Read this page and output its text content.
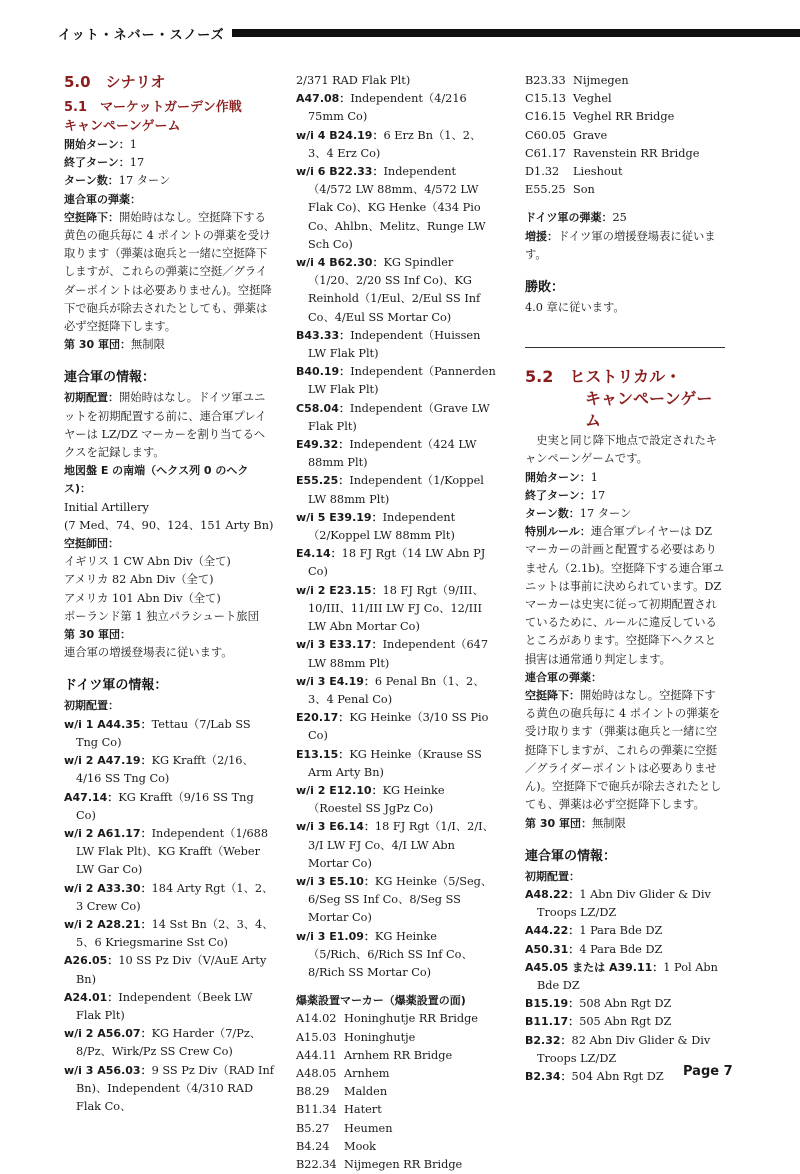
イット・ネバー・スノーズ
5.0　シナリオ
5.1　マーケットガーデン作戦
キャンペーンゲーム

開始ターン：1

終了ターン：17

ターン数：17 ターン

連合軍の弾薬：

空挺降下：開始時はなし。空挺降下する黄色の砲兵毎に 4 ポイントの弾薬を受け取ります（弾薬は砲兵と一緒に空挺降下しますが、これらの弾薬に空挺／グライダーポイントは必要ありません)。空挺降下で砲兵が除去されたとしても、弾薬は必ず空挺降下します。

第 30 軍団：無制限

連合軍の情報：

初期配置：開始時はなし。ドイツ軍ユニットを初期配置する前に、連合軍プレイヤーは LZ/DZ マーカーを割り当てるヘクスを記録します。

地図盤 E の南端（ヘクス列 0 のヘクス)：

Initial Artillery

(7 Med、74、90、124、151 Arty Bn)

空挺師団：

イギリス 1 CW Abn Div（全て)

アメリカ 82 Abn Div（全て)

アメリカ 101 Abn Div（全て)

ポーランド第 1 独立パラシュート旅団

第 30 軍団：

連合軍の増援登場表に従います。

ドイツ軍の情報：

初期配置：

w/i 1 A44.35：Tettau（7/Lab SS Tng Co)

w/i 2 A47.19：KG Krafft（2/16、4/16 SS Tng Co)

A47.14：KG Krafft（9/16 SS Tng Co)

w/i 2 A61.17：Independent（1/688 LW Flak Plt)、KG Krafft（Weber LW Gar Co)

w/i 2 A33.30：184 Arty Rgt（1、2、3 Crew Co)

w/i 2 A28.21：14 Sst Bn（2、3、4、5、6 Kriegsmarine Sst Co)

A26.05：10 SS Pz Div（V/AuE Arty Bn)

A24.01：Independent（Beek LW Flak Plt)

w/i 2 A56.07：KG Harder（7/Pz、8/Pz、Wirk/Pz SS Crew Co)

w/i 3 A56.03：9 SS Pz Div（RAD Inf Bn)、Independent（4/310 RAD Flak Co、

2/371 RAD Flak Plt)

A47.08：Independent（4/216 75mm Co)

w/i 4 B24.19：6 Erz Bn（1、2、3、4 Erz Co)

w/i 6 B22.33：Independent（4/572 LW 88mm、4/572 LW Flak Co)、KG Henke（434 Pio Co、Ahlbn、Melitz、Runge LW Sch Co)

w/i 4 B62.30：KG Spindler（1/20、2/20 SS Inf Co)、KG Reinhold（1/Eul、2/Eul SS Inf Co、4/Eul SS Mortar Co)

B43.33：Independent（Huissen LW Flak Plt)

B40.19：Independent（Pannerden LW Flak Plt)

C58.04：Independent（Grave LW Flak Plt)

E49.32：Independent（424 LW 88mm Plt)

E55.25：Independent（1/Koppel LW 88mm Plt)

w/i 5 E39.19：Independent（2/Koppel LW 88mm Plt)

E4.14：18 FJ Rgt（14 LW Abn PJ Co)

w/i 2 E23.15：18 FJ Rgt（9/III、10/III、11/III LW FJ Co、12/III LW Abn Mortar Co)

w/i 3 E33.17：Independent（647 LW 88mm Plt)

w/i 3 E4.19：6 Penal Bn（1、2、3、4 Penal Co)

E20.17：KG Heinke（3/10 SS Pio Co)

E13.15：KG Heinke（Krause SS Arm Arty Bn)

w/i 2 E12.10：KG Heinke（Roestel SS JgPz Co)

w/i 3 E6.14：18 FJ Rgt（1/I、2/I、3/I LW FJ Co、4/I LW Abn Mortar Co)

w/i 3 E5.10：KG Heinke（5/Seg、6/Seg SS Inf Co、8/Seg SS Mortar Co)

w/i 3 E1.09：KG Heinke（5/Rich、6/Rich SS Inf Co、8/Rich SS Mortar Co)

爆薬設置マーカー（爆薬設置の面)

A14.02 Honinghutje RR Bridge
A15.03 Honinghutje
A44.11 Arnhem RR Bridge
A48.05 Arnhem
B8.29	Malden
B11.34 Hatert
B5.27	Heumen
B4.24	Mook
B22.34 Nijmegen RR Bridge
B23.33 Nijmegen
C15.13 Veghel
C16.15 Veghel RR Bridge
C60.05 Grave
C61.17 Ravenstein RR Bridge
D1.32	Lieshout
E55.25 Son

ドイツ軍の弾薬：25

増援：ドイツ軍の増援登場表に従います。

勝敗：

4.0 章に従います。

5.2　ヒストリカル・
キャンペーンゲーム

史実と同じ降下地点で設定されたキャンペーンゲームです。

開始ターン：1

終了ターン：17

ターン数：17 ターン

特別ルール：連合軍プレイヤーは DZ マーカーの計画と配置する必要はありません（2.1b)。空挺降下する連合軍ユニットは事前に決められています。DZ マーカーは史実に従って初期配置されているために、ルールに違反しているところがあります。空挺降下ヘクスと損害は通常通り判定します。

連合軍の弾薬：

空挺降下：開始時はなし。空挺降下する黄色の砲兵毎に 4 ポイントの弾薬を受け取ります（弾薬は砲兵と一緒に空挺降下しますが、これらの弾薬に空挺／グライダーポイントは必要ありません)。空挺降下で砲兵が除去されたとしても、弾薬は必ず空挺降下します。

第 30 軍団：無制限

連合軍の情報：

初期配置：

A48.22：1 Abn Div Glider & Div Troops LZ/DZ

A44.22：1 Para Bde DZ

A50.31：4 Para Bde DZ

A45.05 または A39.11：1 Pol Abn Bde DZ

B15.19：508 Abn Rgt DZ

B11.17：505 Abn Rgt DZ

B2.32：82 Abn Div Glider & Div Troops LZ/DZ

B2.34：504 Abn Rgt DZ	Page 7
